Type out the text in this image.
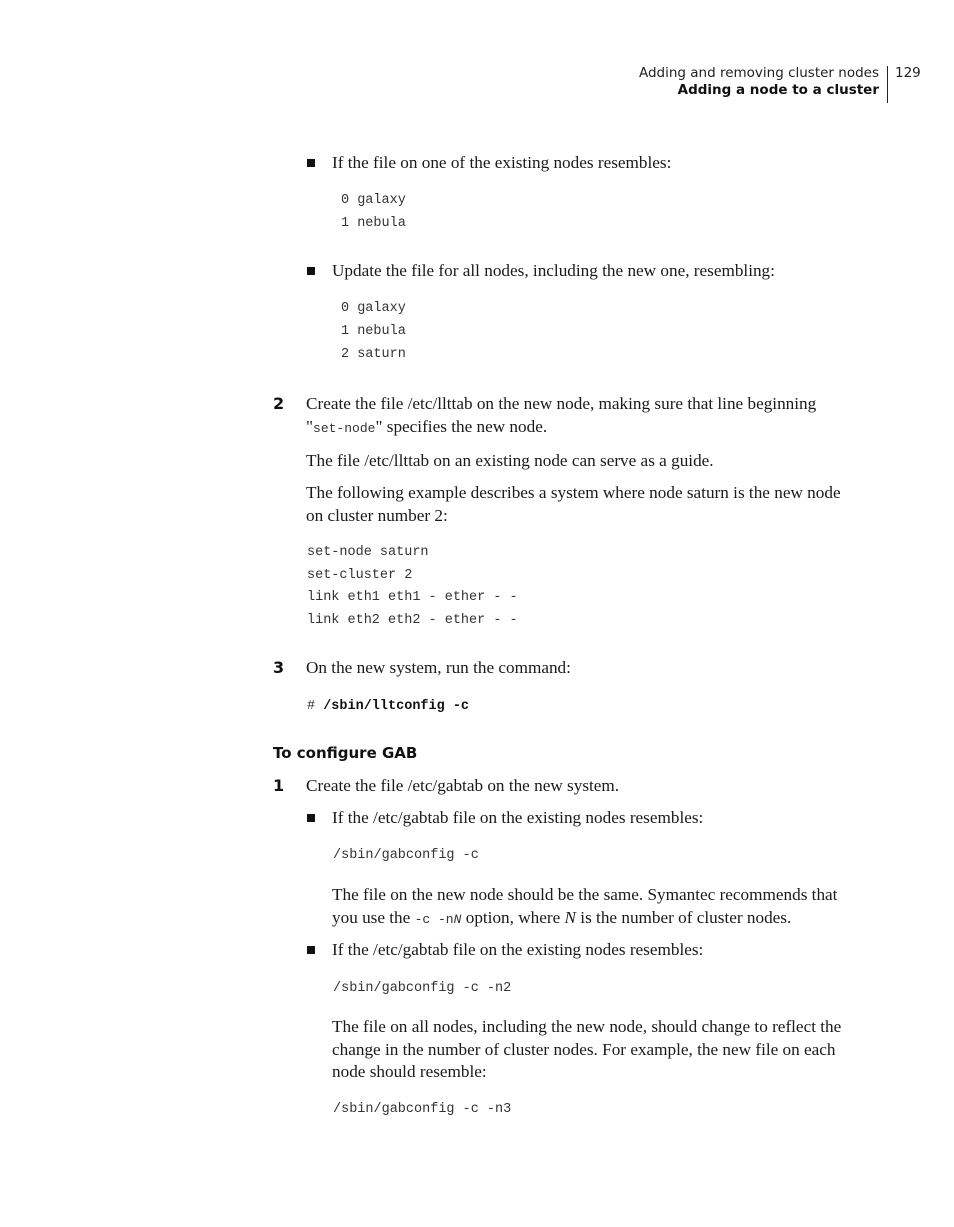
Adding and removing cluster nodes
Adding a node to a cluster
129
If the file on one of the existing nodes resembles:
0 galaxy
1 nebula
Update the file for all nodes, including the new one, resembling:
0 galaxy
1 nebula
2 saturn
2 Create the file /etc/llttab on the new node, making sure that line beginning
"set-node" specifies the new node.
The file /etc/llttab on an existing node can serve as a guide.
The following example describes a system where node saturn is the new node
on cluster number 2:
set-node saturn
set-cluster 2
link eth1 eth1 - ether - -
link eth2 eth2 - ether - -
3 On the new system, run the command:
# /sbin/lltconfig -c
To configure GAB
1 Create the file /etc/gabtab on the new system.
If the /etc/gabtab file on the existing nodes resembles:
/sbin/gabconfig -c
The file on the new node should be the same. Symantec recommends that
you use the -c -nN option, where N is the number of cluster nodes.
If the /etc/gabtab file on the existing nodes resembles:
/sbin/gabconfig -c -n2
The file on all nodes, including the new node, should change to reflect the
change in the number of cluster nodes. For example, the new file on each
node should resemble:
/sbin/gabconfig -c -n3
